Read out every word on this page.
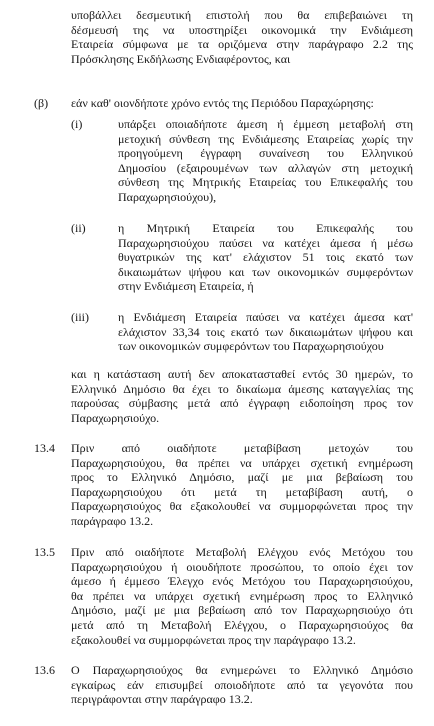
υποβάλλει δεσμευτική επιστολή που θα επιβεβαιώνει τη

δέσμευσή της να υποστηρίξει οικονομικά την Ενδιάμεση

Εταιρεία σύμφωνα με τα οριζόμενα στην παράγραφο 2.2 της

Πρόσκλησης Εκδήλωσης Ενδιαφέροντος, και

(β) εάν καθ' οιονδήποτε χρόνο εντός της Περιόδου Παραχώρησης:

(i)	υπάρξει οποιαδήποτε άμεση ή έμμεση μεταβολή στη

μετοχική σύνθεση της Ενδιάμεσης Εταιρείας χωρίς την

προηγούμενη έγγραφη συναίνεση του Ελληνικού

Δημοσίου (εξαιρουμένων των αλλαγών στη μετοχική

σύνθεση της Μητρικής Εταιρείας του Επικεφαλής του

Παραχωρησιούχου),

(ii)	η Μητρική Εταιρεία του Επικεφαλής του

Παραχωρησιούχου παύσει να κατέχει άμεσα ή μέσω

θυγατρικών της κατ' ελάχιστον 51 τοις εκατό των

δικαιωμάτων ψήφου και των οικονομικών συμφερόντων

στην Ενδιάμεση Εταιρεία, ή

(iii) η Ενδιάμεση Εταιρεία παύσει να κατέχει άμεσα κατ'

ελάχιστον 33,34 τοις εκατό των δικαιωμάτων ψήφου και

των οικονομικών συμφερόντων του Παραχωρησιούχου

και η κατάσταση αυτή δεν αποκατασταθεί εντός 30 ημερών, το

Ελληνικό Δημόσιο θα έχει το δικαίωμα άμεσης καταγγελίας της

παρούσας σύμβασης μετά από έγγραφη ειδοποίηση προς τον

Παραχωρησιούχο.

13.4 Πριν από οιαδήποτε μεταβίβαση μετοχών του

Παραχωρησιούχου, θα πρέπει να υπάρχει σχετική ενημέρωση

προς το Ελληνικό Δημόσιο, μαζί με μια βεβαίωση του

Παραχωρησιούχου ότι μετά τη μεταβίβαση αυτή, ο

Παραχωρησιούχος θα εξακολουθεί να συμμορφώνεται προς την

παράγραφο 13.2.

13.5 Πριν από οιαδήποτε Μεταβολή Ελέγχου ενός Μετόχου του

Παραχωρησιούχου ή οιουδήποτε προσώπου, το οποίο έχει τον

άμεσο ή έμμεσο Έλεγχο ενός Μετόχου του Παραχωρησιούχου,

θα πρέπει να υπάρχει σχετική ενημέρωση προς το Ελληνικό

Δημόσιο, μαζί με μια βεβαίωση από τον Παραχωρησιούχο ότι

μετά από τη Μεταβολή Ελέγχου, ο Παραχωρησιούχος θα

εξακολουθεί να συμμορφώνεται προς την παράγραφο 13.2.

13.6 Ο Παραχωρησιούχος θα ενημερώνει το Ελληνικό Δημόσιο

εγκαίρως εάν επισυμβεί οποιοδήποτε από τα γεγονότα που

περιγράφονται στην παράγραφο 13.2.
